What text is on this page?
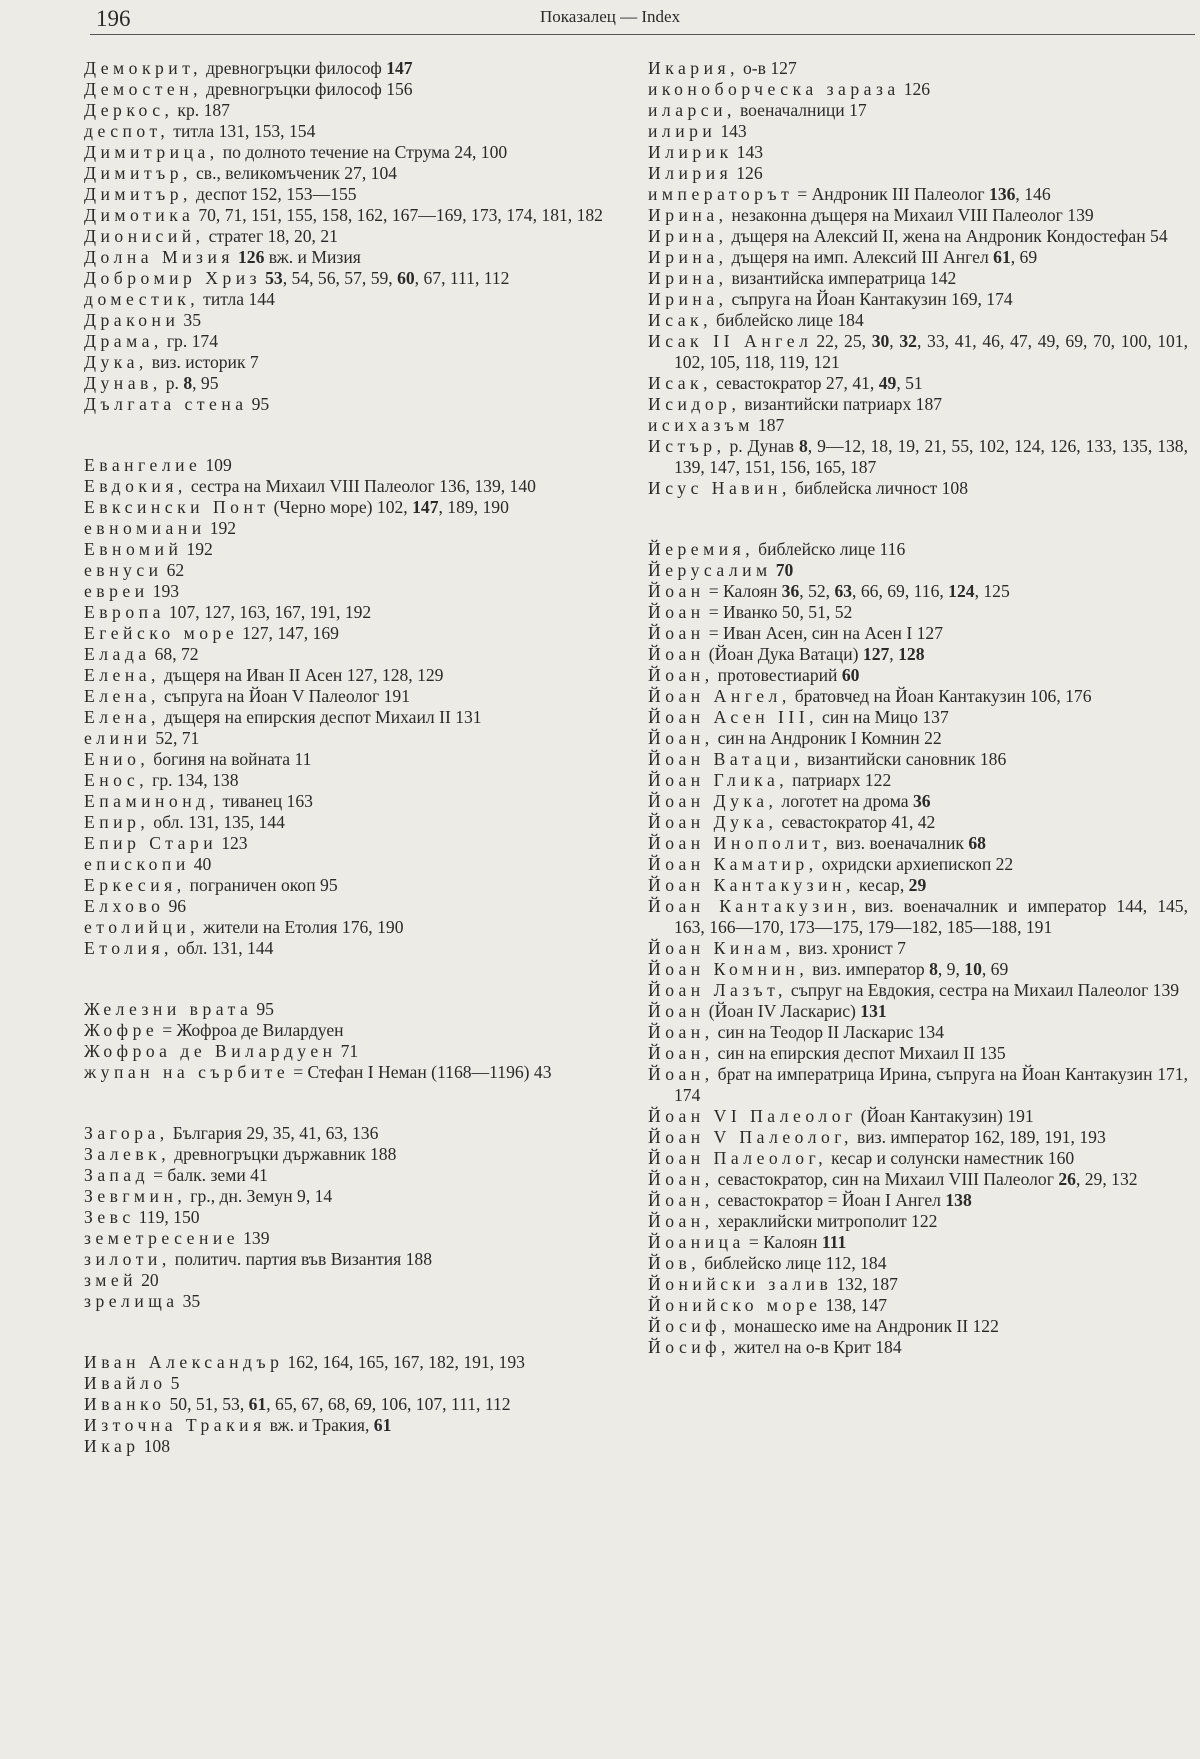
196	Показалец — Index
Демокрит, древногръцки философ 147
Демостен, древногръцки философ 156
Деркос, кр. 187
деспот, титла 131, 153, 154
Димитрица, по долното течение на Струма 24, 100
Димитър, св., великомъченик 27, 104
Димитър, деспот 152, 153—155
Димотика 70, 71, 151, 155, 158, 162, 167—169, 173, 174, 181, 182
Дионисий, стратег 18, 20, 21
Долна Мизия 126 вж. и Мизия
Добромир Хриз 53, 54, 56, 57, 59, 60, 67, 111, 112
доместик, титла 144
Дракони 35
Драма, гр. 174
Дука, виз. историк 7
Дунав, р. 8, 95
Дългата стена 95
Евангелие 109
Евдокия, сестра на Михаил VIII Палеолог 136, 139, 140
Евксински Понт (Черно море) 102, 147, 189, 190
евномиани 192
Евномий 192
евнуси 62
евреи 193
Европа 107, 127, 163, 167, 191, 192
Егейско море 127, 147, 169
Елада 68, 72
Елена, дъщеря на Иван II Асен 127, 128, 129
Елена, съпруга на Йоан V Палеолог 191
Елена, дъщеря на епирския деспот Михаил II 131
елини 52, 71
Енио, богиня на войната 11
Енос, гр. 134, 138
Епаминонд, тиванец 163
Епир, обл. 131, 135, 144
Епир Стари 123
епископи 40
Еркесия, пограничен окоп 95
Елхово 96
етолийци, жители на Етолия 176, 190
Етолия, обл. 131, 144
Железни врата 95
Жофре = Жофроа де Вилардуен
Жофроа де Вилардуен 71
жупан на сърбите = Стефан I Неман (1168—1196) 43
Загора, България 29, 35, 41, 63, 136
Залевк, древногръцки държавник 188
Запад = балк. земи 41
Зевгмин, гр., дн. Земун 9, 14
Зевс 119, 150
земетресение 139
зилоти, политич. партия във Византия 188
змей 20
зрелища 35
Иван Александър 162, 164, 165, 167, 182, 191, 193
Ивайло 5
Иванко 50, 51, 53, 61, 65, 67, 68, 69, 106, 107, 111, 112
Източна Тракия вж. и Тракия, 61
Икар 108
Икария, о-в 127
иконоборческа зараза 126
иларси, военачалници 17
илири 143
Илирик 143
Илирия 126
императорът = Андроник III Палеолог 136, 146
Ирина, незаконна дъщеря на Михаил VIII Палеолог 139
Ирина, дъщеря на Алексий II, жена на Андроник Кондостефан 54
Ирина, дъщеря на имп. Алексий III Ангел 61, 69
Ирина, византийска императрица 142
Ирина, съпруга на Йоан Кантакузин 169, 174
Исак, библейско лице 184
Исак II Ангел 22, 25, 30, 32, 33, 41, 46, 47, 49, 69, 70, 100, 101, 102, 105, 118, 119, 121
Исак, севастократор 27, 41, 49, 51
Исидор, византийски патриарх 187
исихазъм 187
Истър, р. Дунав 8, 9—12, 18, 19, 21, 55, 102, 124, 126, 133, 135, 138, 139, 147, 151, 156, 165, 187
Исус Навин, библейска личност 108
Йеремия, библейско лице 116
Йерусалим 70
Йоан = Калоян 36, 52, 63, 66, 69, 116, 124, 125
Йоан = Иванко 50, 51, 52
Йоан = Иван Асен, син на Асен I 127
Йоан (Йоан Дука Ватаци) 127, 128
Йоан, протовестиарий 60
Йоан Ангел, братовчед на Йоан Кантакузин 106, 176
Йоан Асен III, син на Мицо 137
Йоан, син на Андроник I Комнин 22
Йоан Ватаци, византийски сановник 186
Йоан Глика, патриарх 122
Йоан Дука, логотет на дрома 36
Йоан Дука, севастократор 41, 42
Йоан Инополит, виз. военачалник 68
Йоан Каматир, охридски архиепископ 22
Йоан Кантакузин, кесар, 29
Йоан Кантакузин, виз. военачалник и император 144, 145, 163, 166—170, 173—175, 179—182, 185—188, 191
Йоан Кинам, виз. хронист 7
Йоан Комнин, виз. император 8, 9, 10, 69
Йоан Лазът, съпруг на Евдокия, сестра на Михаил Палеолог 139
Йоан (Йоан IV Ласкарис) 131
Йоан, син на Теодор II Ласкарис 134
Йоан, син на епирския деспот Михаил II 135
Йоан, брат на императрица Ирина, съпруга на Йоан Кантакузин 171, 174
Йоан VI Палеолог (Йоан Кантакузин) 191
Йоан V Палеолог, виз. император 162, 189, 191, 193
Йоан Палеолог, кесар и солунски наместник 160
Йоан, севастократор, син на Михаил VIII Палеолог 26, 29, 132
Йоан, севастократор = Йоан I Ангел 138
Йоан, хераклийски митрополит 122
Йоаница = Калоян 111
Йов, библейско лице 112, 184
Йонийски залив 132, 187
Йонийско море 138, 147
Йосиф, монашеско име на Андроник II 122
Йосиф, жител на о-в Крит 184
